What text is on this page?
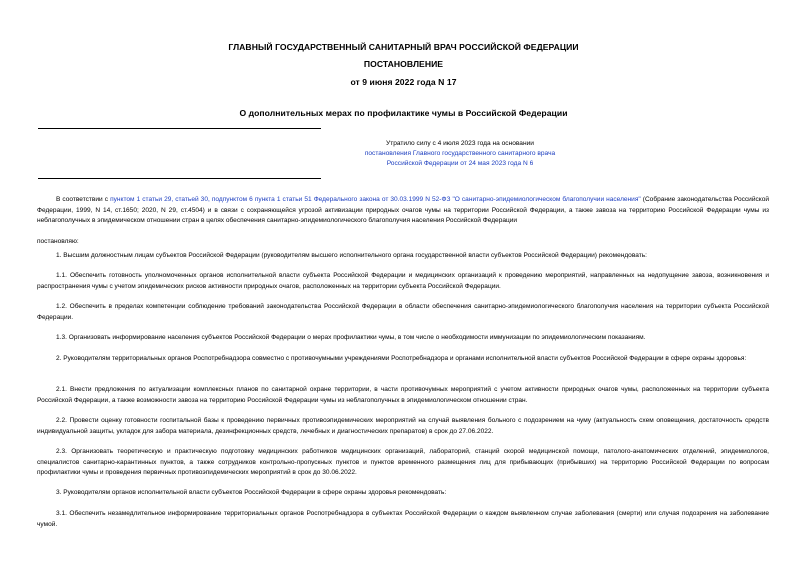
ГЛАВНЫЙ ГОСУДАРСТВЕННЫЙ САНИТАРНЫЙ ВРАЧ РОССИЙСКОЙ ФЕДЕРАЦИИ
ПОСТАНОВЛЕНИЕ
от 9 июня 2022 года N 17
О дополнительных мерах по профилактике чумы в Российской Федерации
Утратило силу с 4 июля 2023 года на основании
постановления Главного государственного санитарного врача
Российской Федерации от 24 мая 2023 года N 6
В соответствии с пунктом 1 статьи 29, статьей 30, подпунктом 6 пункта 1 статьи 51 Федерального закона от 30.03.1999 N 52-ФЗ "О санитарно-эпидемиологическом благополучии населения" (Собрание законодательства Российской Федерации, 1999, N 14, ст.1650; 2020, N 29, ст.4504) и в связи с сохраняющейся угрозой активизации природных очагов чумы на территории Российской Федерации, а также завоза на территорию Российской Федерации чумы из неблагополучных в эпидемическом отношении стран в целях обеспечения санитарно-эпидемиологического благополучия населения Российской Федерации
постановляю:
1. Высшим должностным лицам субъектов Российской Федерации (руководителям высшего исполнительного органа государственной власти субъектов Российской Федерации) рекомендовать:
1.1. Обеспечить готовность уполномоченных органов исполнительной власти субъекта Российской Федерации и медицинских организаций к проведению мероприятий, направленных на недопущение завоза, возникновения и распространения чумы с учетом эпидемических рисков активности природных очагов, расположенных на территории субъекта Российской Федерации.
1.2. Обеспечить в пределах компетенции соблюдение требований законодательства Российской Федерации в области обеспечения санитарно-эпидемиологического благополучия населения на территории субъекта Российской Федерации.
1.3. Организовать информирование населения субъектов Российской Федерации о мерах профилактики чумы, в том числе о необходимости иммунизации по эпидемиологическим показаниям.
2. Руководителям территориальных органов Роспотребнадзора совместно с противочумными учреждениями Роспотребнадзора и органами исполнительной власти субъектов Российской Федерации в сфере охраны здоровья:
2.1. Внести предложения по актуализации комплексных планов по санитарной охране территории, в части противочумных мероприятий с учетом активности природных очагов чумы, расположенных на территории субъекта Российской Федерации, а также возможности завоза на территорию Российской Федерации чумы из неблагополучных в эпидемиологическом отношении стран.
2.2. Провести оценку готовности госпитальной базы к проведению первичных противоэпидемических мероприятий на случай выявления больного с подозрением на чуму (актуальность схем оповещения, достаточность средств индивидуальной защиты, укладок для забора материала, дезинфекционных средств, лечебных и диагностических препаратов) в срок до 27.06.2022.
2.3. Организовать теоретическую и практическую подготовку медицинских работников медицинских организаций, лабораторий, станций скорой медицинской помощи, патолого-анатомических отделений, эпидемиологов, специалистов санитарно-карантинных пунктов, а также сотрудников контрольно-пропускных пунктов и пунктов временного размещения лиц для прибывающих (прибывших) на территорию Российской Федерации по вопросам профилактики чумы и проведения первичных противоэпидемических мероприятий в срок до 30.06.2022.
3. Руководителям органов исполнительной власти субъектов Российской Федерации в сфере охраны здоровья рекомендовать:
3.1. Обеспечить незамедлительное информирование территориальных органов Роспотребнадзора в субъектах Российской Федерации о каждом выявленном случае заболевания (смерти) или случая подозрения на заболевание чумой.
